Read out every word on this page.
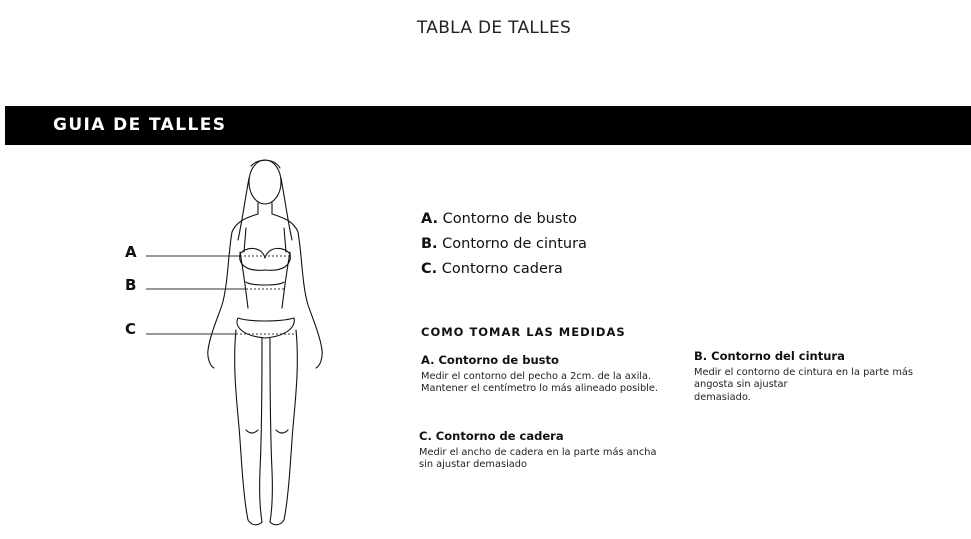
TABLA DE TALLES
GUIA DE TALLES
A
B
C
A. Contorno de busto
B. Contorno de cintura
C. Contorno cadera
COMO TOMAR LAS MEDIDAS
A. Contorno de busto

Medir el contorno del pecho a 2cm. de la axila.

Mantener el centímetro lo más alineado posible.

B. Contorno del cintura

Medir el contorno de cintura en la parte más

angosta sin ajustar

demasiado.

C. Contorno de cadera

Medir el ancho de cadera en la parte más ancha

sin ajustar demasiado
